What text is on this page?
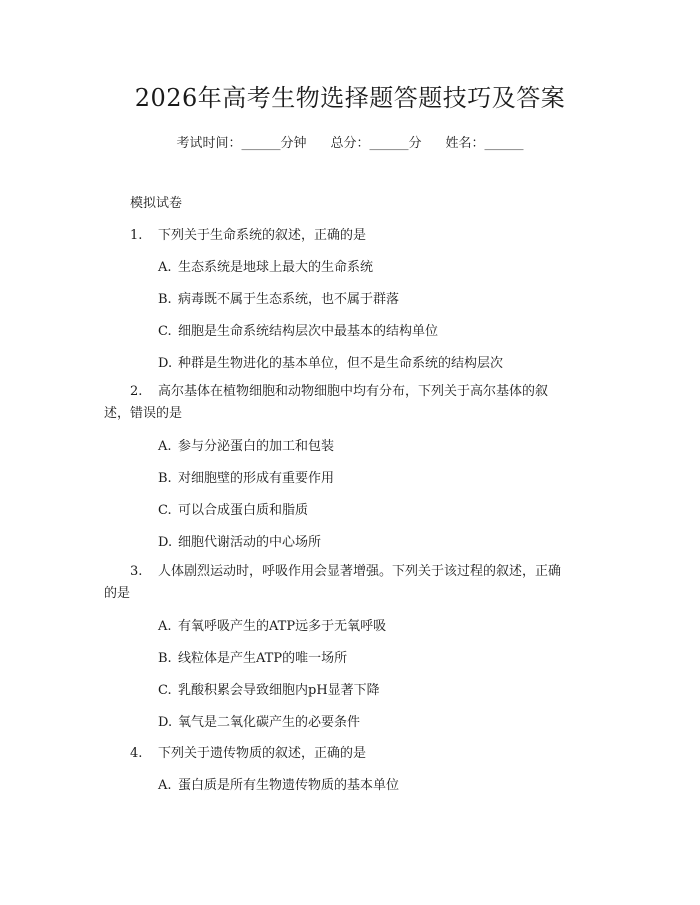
2026年高考生物选择题答题技巧及答案
考试时间：______分钟 总分：______分 姓名：______
模拟试卷
1. 下列关于生命系统的叙述，正确的是
A. 生态系统是地球上最大的生命系统
B. 病毒既不属于生态系统，也不属于群落
C. 细胞是生命系统结构层次中最基本的结构单位
D. 种群是生物进化的基本单位，但不是生命系统的结构层次
2. 高尔基体在植物细胞和动物细胞中均有分布，下列关于高尔基体的叙述，错误的是
A. 参与分泌蛋白的加工和包装
B. 对细胞壁的形成有重要作用
C. 可以合成蛋白质和脂质
D. 细胞代谢活动的中心场所
3. 人体剧烈运动时，呼吸作用会显著增强。下列关于该过程的叙述，正确的是
A. 有氧呼吸产生的ATP远多于无氧呼吸
B. 线粒体是产生ATP的唯一场所
C. 乳酸积累会导致细胞内pH显著下降
D. 氧气是二氧化碳产生的必要条件
4. 下列关于遗传物质的叙述，正确的是
A. 蛋白质是所有生物遗传物质的基本单位
